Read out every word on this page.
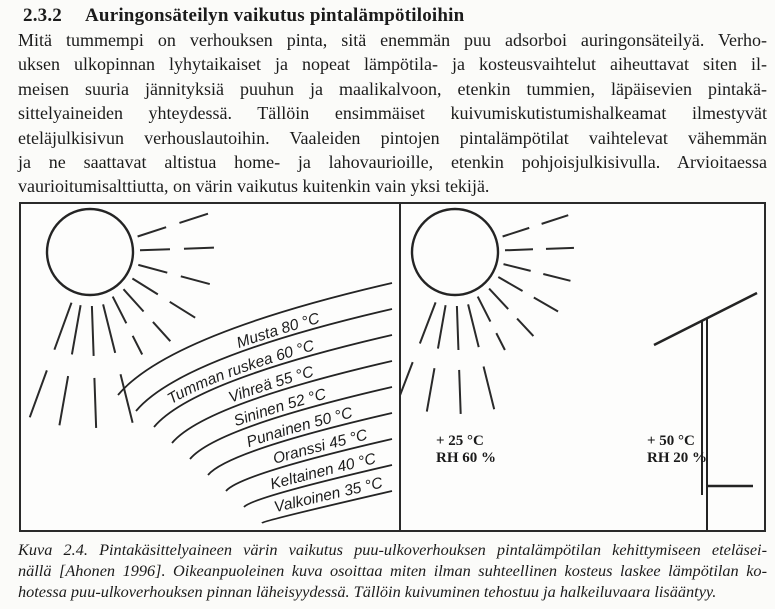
2.3.2 Auringonsäteilyn vaikutus pintalämpötiloihin
Mitä tummempi on verhouksen pinta, sitä enemmän puu adsorboi auringonsäteilyä. Verho-
uksen ulkopinnan lyhytaikaiset ja nopeat lämpötila- ja kosteusvaihtelut aiheuttavat siten il-
meisen suuria jännityksiä puuhun ja maalikalvoon, etenkin tummien, läpäisevien pintakä-
sittelyaineiden yhteydessä. Tällöin ensimmäiset kuivumiskutistumishalkeamat ilmestyvät
eteläjulkisivun verhouslautoihin. Vaaleiden pintojen pintalämpötilat vaihtelevat vähemmän
ja ne saattavat altistua home- ja lahovaurioille, etenkin pohjoisjulkisivulla. Arvioitaessa
vaurioitumisalttiutta, on värin vaikutus kuitenkin vain yksi tekijä.
Musta 80 °C
Tumman ruskea 60 °C
Vihreä 55 °C
Sininen 52 °C
Punainen 50 °C
Oranssi 45 °C
Keltainen 40 °C
Valkoinen 35 °C
+ 25 °C
RH 60 %
+ 50 °C
RH 20 %
Kuva 2.4. Pintakäsittelyaineen värin vaikutus puu-ulkoverhouksen pintalämpötilan kehittymiseen eteläsei-
nällä [Ahonen 1996]. Oikeanpuoleinen kuva osoittaa miten ilman suhteellinen kosteus laskee lämpötilan ko-
hotessa puu-ulkoverhouksen pinnan läheisyydessä. Tällöin kuivuminen tehostuu ja halkeiluvaara lisääntyy.
